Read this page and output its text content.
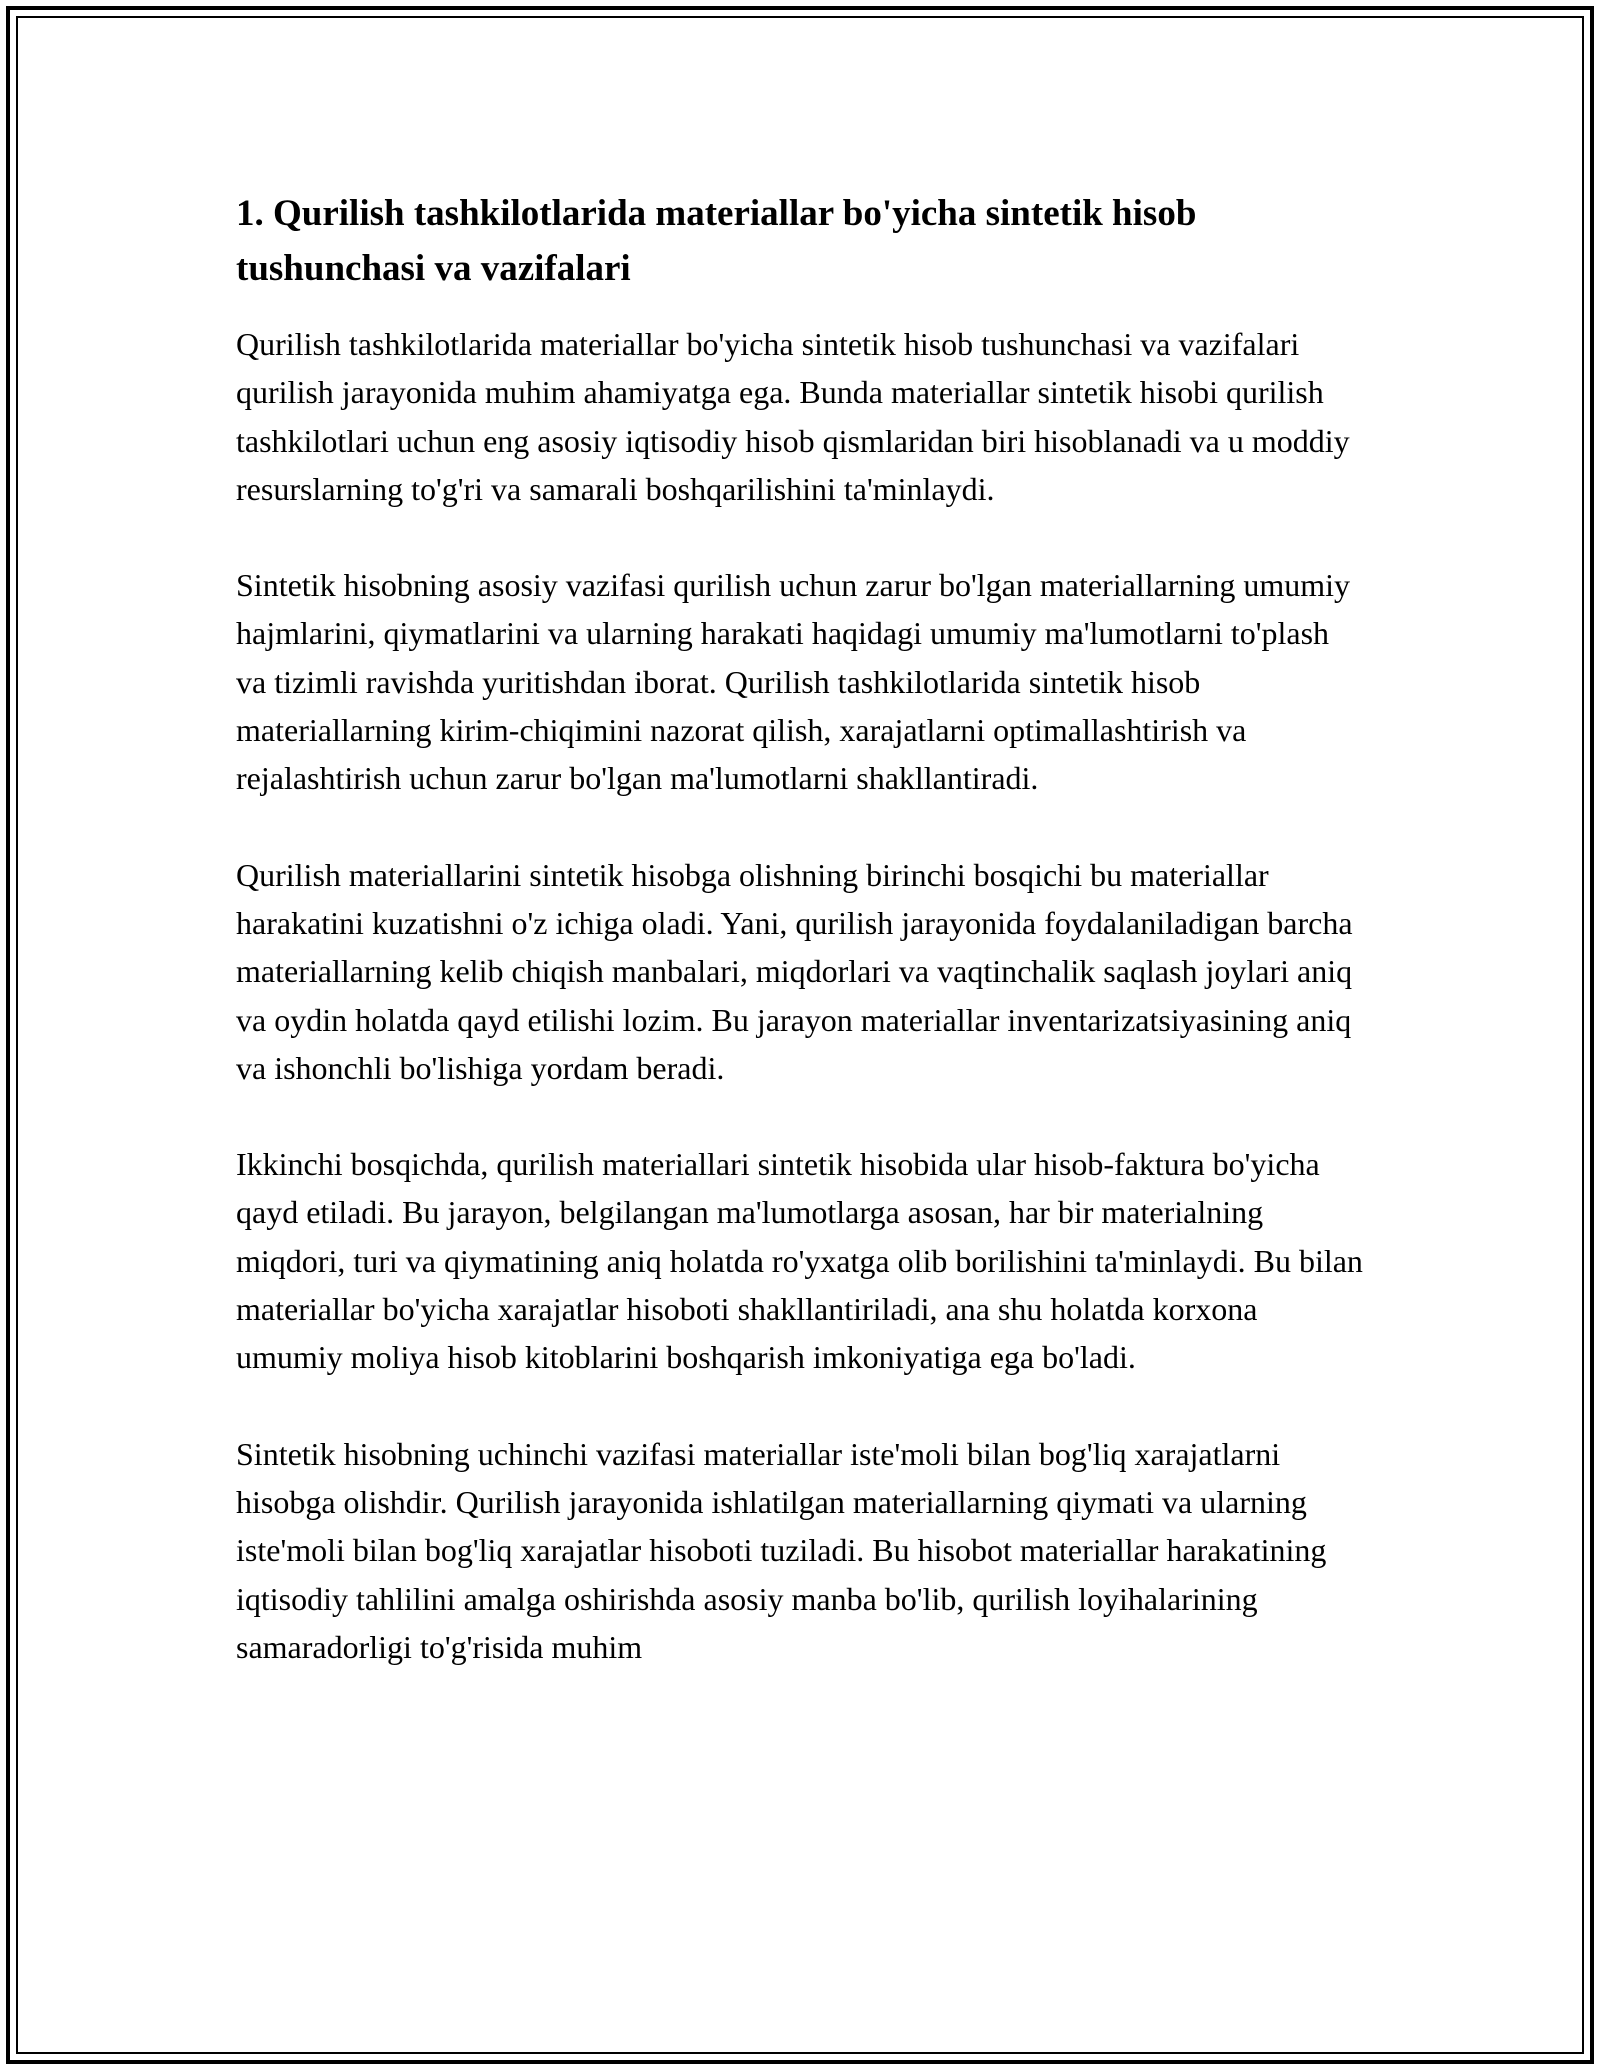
1. Qurilish tashkilotlarida materiallar bo'yicha sintetik hisob tushunchasi va vazifalari

Qurilish tashkilotlarida materiallar bo'yicha sintetik hisob tushunchasi va vazifalari qurilish jarayonida muhim ahamiyatga ega. Bunda materiallar sintetik hisobi qurilish tashkilotlari uchun eng asosiy iqtisodiy hisob qismlaridan biri hisoblanadi va u moddiy resurslarning to'g'ri va samarali boshqarilishini ta'minlaydi.

Sintetik hisobning asosiy vazifasi qurilish uchun zarur bo'lgan materiallarning umumiy hajmlarini, qiymatlarini va ularning harakati haqidagi umumiy ma'lumotlarni to'plash va tizimli ravishda yuritishdan iborat. Qurilish tashkilotlarida sintetik hisob materiallarning kirim-chiqimini nazorat qilish, xarajatlarni optimallashtirish va rejalashtirish uchun zarur bo'lgan ma'lumotlarni shakllantiradi.

Qurilish materiallarini sintetik hisobga olishning birinchi bosqichi bu materiallar harakatini kuzatishni o'z ichiga oladi. Yani, qurilish jarayonida foydalaniladigan barcha materiallarning kelib chiqish manbalari, miqdorlari va vaqtinchalik saqlash joylari aniq va oydin holatda qayd etilishi lozim. Bu jarayon materiallar inventarizatsiyasining aniq va ishonchli bo'lishiga yordam beradi.

Ikkinchi bosqichda, qurilish materiallari sintetik hisobida ular hisob-faktura bo'yicha qayd etiladi. Bu jarayon, belgilangan ma'lumotlarga asosan, har bir materialning miqdori, turi va qiymatining aniq holatda ro'yxatga olib borilishini ta'minlaydi. Bu bilan materiallar bo'yicha xarajatlar hisoboti shakllantiriladi, ana shu holatda korxona umumiy moliya hisob kitoblarini boshqarish imkoniyatiga ega bo'ladi.

Sintetik hisobning uchinchi vazifasi materiallar iste'moli bilan bog'liq xarajatlarni hisobga olishdir. Qurilish jarayonida ishlatilgan materiallarning qiymati va ularning iste'moli bilan bog'liq xarajatlar hisoboti tuziladi. Bu hisobot materiallar harakatining iqtisodiy tahlilini amalga oshirishda asosiy manba bo'lib, qurilish loyihalarining samaradorligi to'g'risida muhim
